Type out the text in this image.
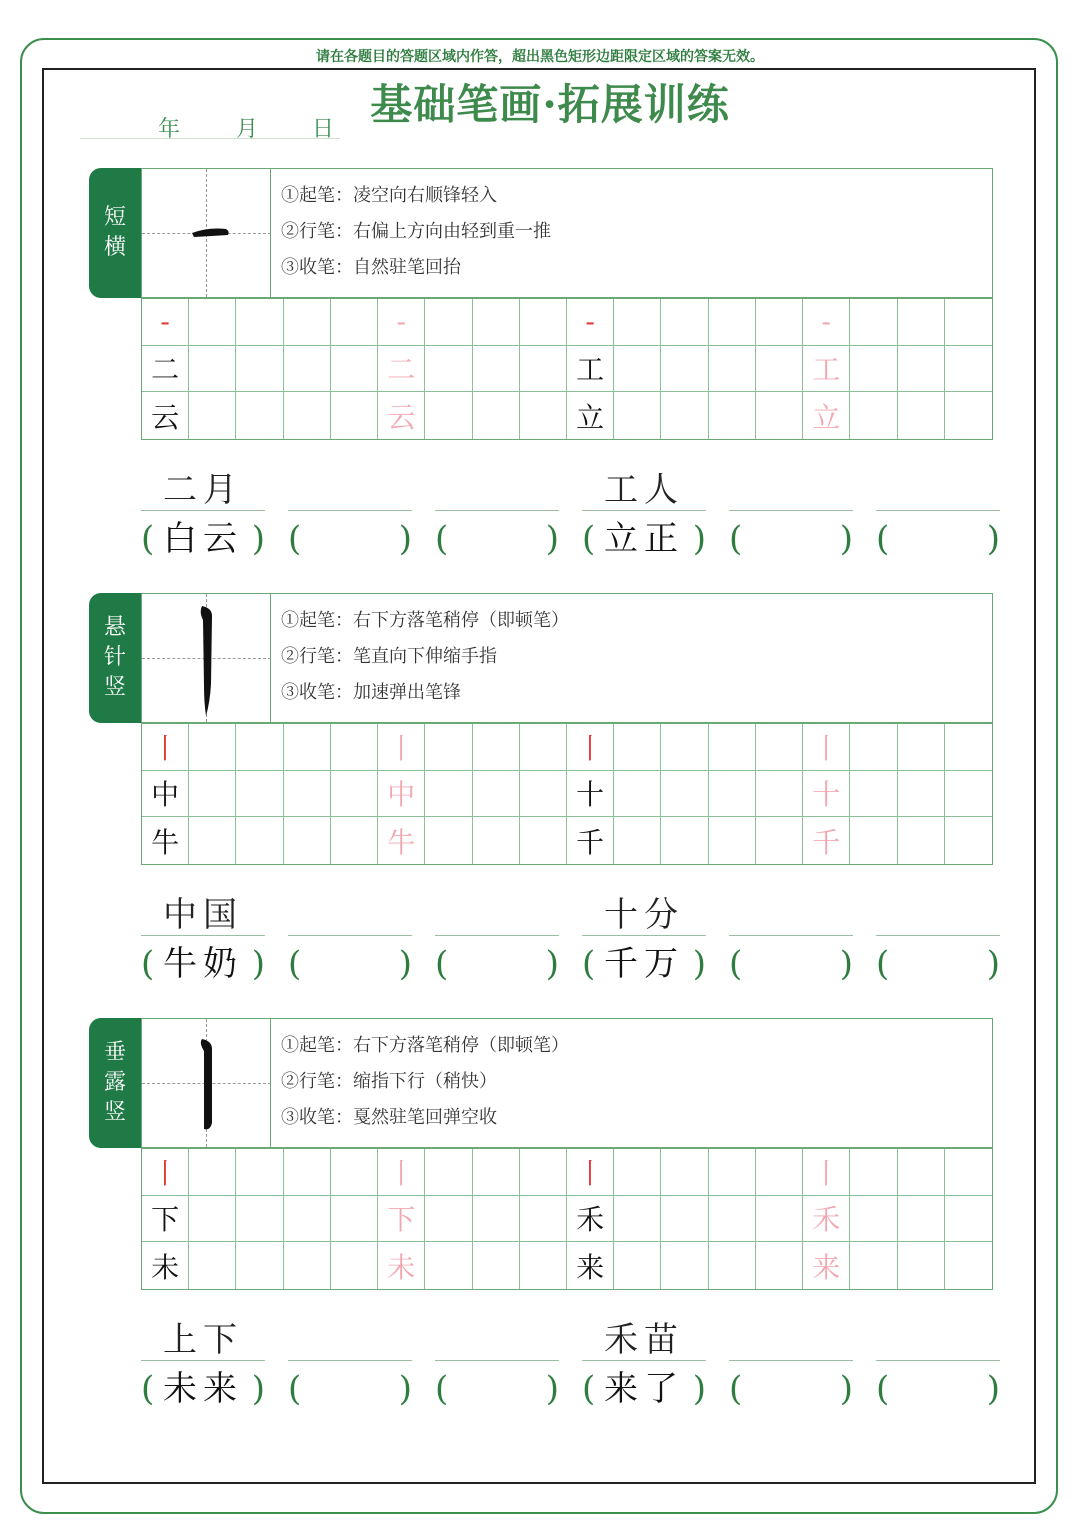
请在各题目的答题区域内作答，超出黑色矩形边距限定区域的答案无效。
基础笔画·拓展训练
年	月 日
短横
①起笔：凌空向右顺锋轻入
②行笔：右偏上方向由轻到重一推
③收笔：自然驻笔回抬
-	-	-	-
二	二	工	工
云	云	立	立
二月	工人
( 白云 ) (	) (	) ( 立正 ) (	) (	)
悬针竖
①起笔：右下方落笔稍停（即顿笔）
②行笔：笔直向下伸缩手指
③收笔：加速弹出笔锋
丨	丨	丨	丨
中	中	十	十
牛	牛	千	千
中国	十分
( 牛奶 ) (	) (	) ( 千万 ) (	) (	)
垂露竖
①起笔：右下方落笔稍停（即顿笔）
②行笔：缩指下行（稍快）
③收笔：戛然驻笔回弹空收
丨	丨	丨	丨
下	下	禾	禾
未	未	来	来
上下	禾苗
( 未来 ) (	) (	) ( 来了 ) (	) (	)
